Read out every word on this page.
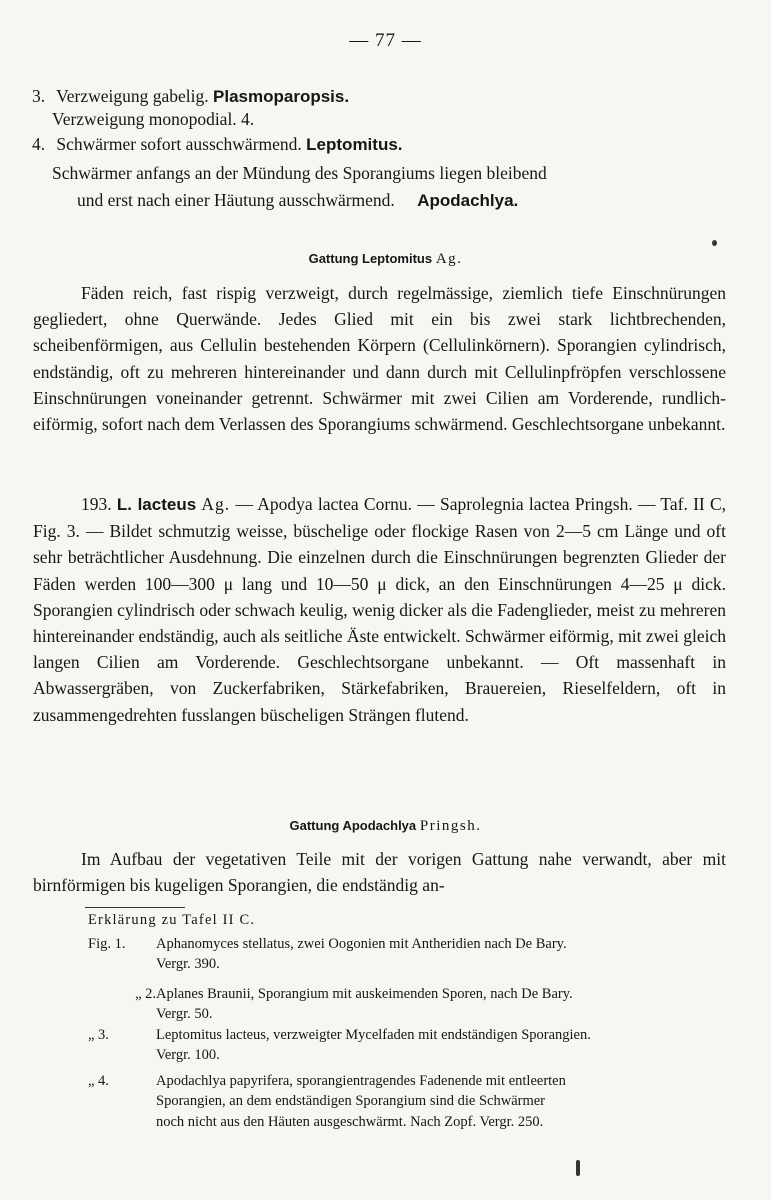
— 77 —
3. Verzweigung gabelig. Plasmoparopsis.
Verzweigung monopodial. 4.
4. Schwärmer sofort ausschwärmend. Leptomitus.
Schwärmer anfangs an der Mündung des Sporangiums liegen bleibend
und erst nach einer Häutung ausschwärmend. Apodachlya.
Gattung Leptomitus Ag.
Fäden reich, fast rispig verzweigt, durch regelmässige, ziemlich tiefe Einschnürungen gegliedert, ohne Querwände. Jedes Glied mit ein bis zwei stark lichtbrechenden, scheibenförmigen, aus Cellulin bestehenden Körpern (Cellulinkörnern). Sporangien cylindrisch, endständig, oft zu mehreren hintereinander und dann durch mit Cellulinpfröpfen verschlossene Einschnürungen voneinander getrennt. Schwärmer mit zwei Cilien am Vorderende, rundlich-eiförmig, sofort nach dem Verlassen des Sporangiums schwärmend. Geschlechtsorgane unbekannt.
193. L. lacteus Ag. — Apodya lactea Cornu. — Saprolegnia lactea Pringsh. — Taf. II C, Fig. 3. — Bildet schmutzig weisse, büschelige oder flockige Rasen von 2—5 cm Länge und oft sehr beträchtlicher Ausdehnung. Die einzelnen durch die Einschnürungen begrenzten Glieder der Fäden werden 100—300 μ lang und 10—50 μ dick, an den Einschnürungen 4—25 μ dick. Sporangien cylindrisch oder schwach keulig, wenig dicker als die Fadenglieder, meist zu mehreren hintereinander endständig, auch als seitliche Äste entwickelt. Schwärmer eiförmig, mit zwei gleich langen Cilien am Vorderende. Geschlechtsorgane unbekannt. — Oft massenhaft in Abwassergräben, von Zuckerfabriken, Stärkefabriken, Brauereien, Rieselfeldern, oft in zusammengedrehten fusslangen büscheligen Strängen flutend.
Gattung Apodachlya Pringsh.
Im Aufbau der vegetativen Teile mit der vorigen Gattung nahe verwandt, aber mit birnförmigen bis kugeligen Sporangien, die endständig an-
Erklärung zu Tafel II C.
Fig. 1. Aphanomyces stellatus, zwei Oogonien mit Antheridien nach De Bary.
Vergr. 390.
„ 2.Aplanes Braunii, Sporangium mit auskeimenden Sporen, nach De Bary.
Vergr. 50.
„ 3.	Leptomitus lacteus, verzweigter Mycelfaden mit endständigen Sporangien.
Vergr. 100.
„ 4.	Apodachlya papyrifera, sporangientragendes Fadenende mit entleerten
Sporangien, an dem endständigen Sporangium sind die Schwärmer
noch nicht aus den Häuten ausgeschwärmt. Nach Zopf. Vergr. 250.
